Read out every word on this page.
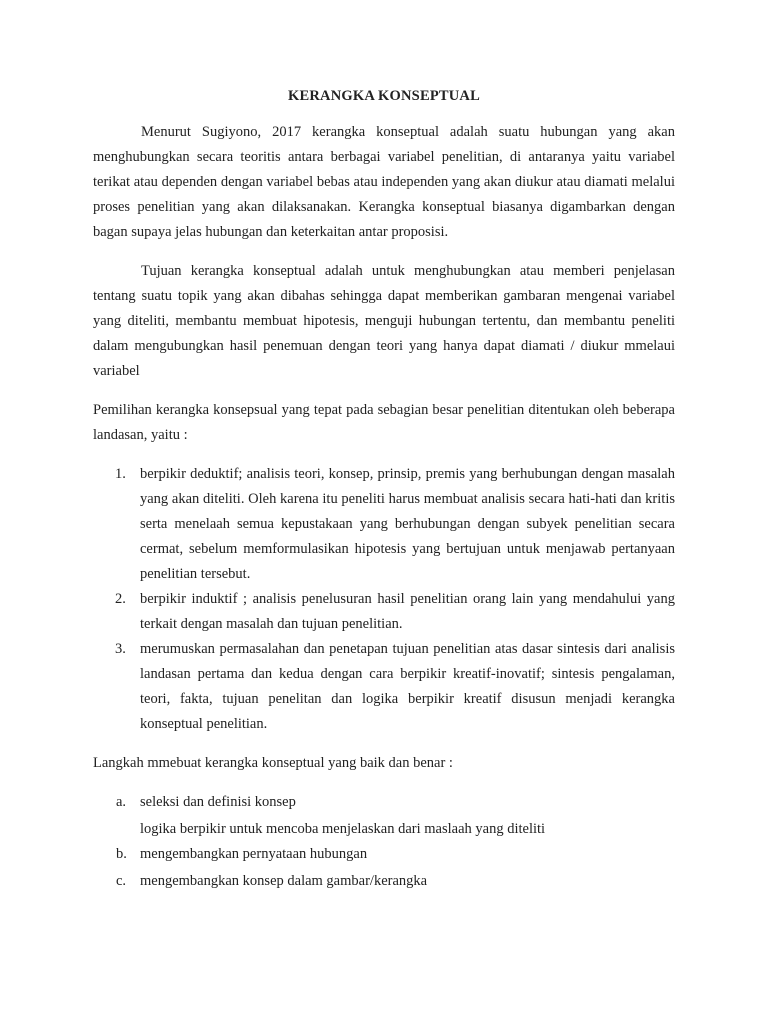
KERANGKA KONSEPTUAL

Menurut Sugiyono, 2017 kerangka konseptual adalah suatu hubungan yang akan menghubungkan secara teoritis antara berbagai variabel penelitian, di antaranya yaitu variabel terikat atau dependen dengan variabel bebas atau independen yang akan diukur atau diamati melalui proses penelitian yang akan dilaksanakan. Kerangka konseptual biasanya digambarkan dengan bagan supaya jelas hubungan dan keterkaitan antar proposisi.

Tujuan kerangka konseptual adalah untuk menghubungkan atau memberi penjelasan tentang suatu topik yang akan dibahas sehingga dapat memberikan gambaran mengenai variabel yang diteliti, membantu membuat hipotesis, menguji hubungan tertentu, dan membantu peneliti dalam mengubungkan hasil penemuan dengan teori yang hanya dapat diamati / diukur mmelaui variabel

Pemilihan kerangka konsepsual yang tepat pada sebagian besar penelitian ditentukan oleh beberapa landasan, yaitu :

1. berpikir deduktif; analisis teori, konsep, prinsip, premis yang berhubungan dengan masalah yang akan diteliti. Oleh karena itu peneliti harus membuat analisis secara hati-hati dan kritis serta menelaah semua kepustakaan yang berhubungan dengan subyek penelitian secara cermat, sebelum memformulasikan hipotesis yang bertujuan untuk menjawab pertanyaan penelitian tersebut.
2. berpikir induktif ; analisis penelusuran hasil penelitian orang lain yang mendahului yang terkait dengan masalah dan tujuan penelitian.
3. merumuskan permasalahan dan penetapan tujuan penelitian atas dasar sintesis dari analisis landasan pertama dan kedua dengan cara berpikir kreatif-inovatif; sintesis pengalaman, teori, fakta, tujuan penelitan dan logika berpikir kreatif disusun menjadi kerangka konseptual penelitian.

Langkah mmebuat kerangka konseptual yang baik dan benar :

a. seleksi dan definisi konsep
logika berpikir untuk mencoba menjelaskan dari maslaah yang diteliti
b. mengembangkan pernyataan hubungan
c. mengembangkan konsep dalam gambar/kerangka
